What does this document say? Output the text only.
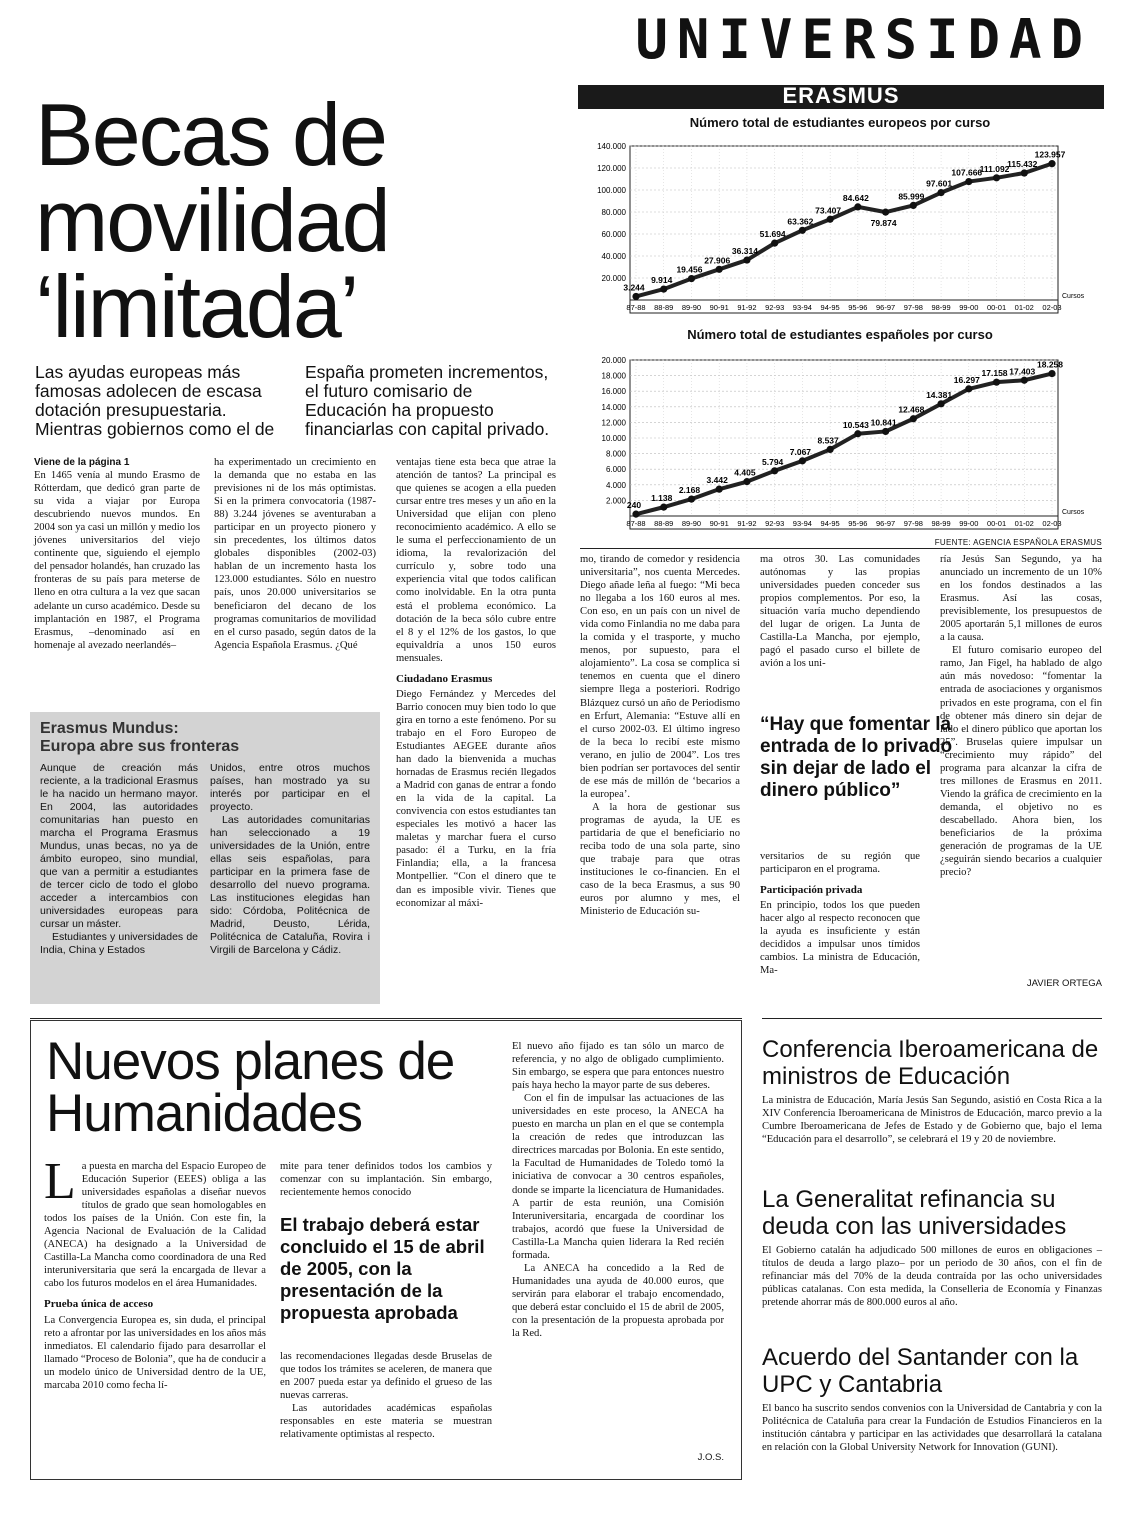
UNIVERSIDAD
ERASMUS
Número total de estudiantes europeos por curso
20.000
40.000
60.000
80.000
100.000
120.000
140.000
87-88 88-89 89-90 90-91 91-92 92-93 93-94 94-95 95-96 96-97 97-98 98-99 99-00 00-01 01-02 02-03
Cursos
3.244
9.914
19.456
27.906
36.314
51.694
63.362
73.407
84.642
79.874
85.999
97.601
107.666
111.092
115.432
123.957
Número total de estudiantes españoles por curso
2.000
4.000
6.000
8.000
10.000
12.000
14.000
16.000
18.000
20.000
87-88 88-89 89-90 90-91 91-92 92-93 93-94 94-95 95-96 96-97 97-98 98-99 99-00 00-01 01-02 02-03
Cursos
240
1.138
2.168
3.442
4.405
5.794
7.067
8.537
10.543 10.841
12.468
14.381
16.297
17.158 17.403
18.258
FUENTE: AGENCIA ESPAÑOLA ERASMUS
Becas de movilidad ‘limitada’
Las ayudas europeas más famosas adolecen de escasa dotación presupuestaria. Mientras gobiernos como el de España prometen incrementos, el futuro comisario de Educación ha propuesto financiarlas con capital privado.

Viene de la página 1

En 1465 venía al mundo Erasmo de Rótterdam, que dedicó gran parte de su vida a viajar por Europa descubriendo nuevos mundos. En 2004 son ya casi un millón y medio los jóvenes universitarios del viejo continente que, siguiendo el ejemplo del pensador holandés, han cruzado las fronteras de su país para meterse de lleno en otra cultura a la vez que sacan adelante un curso académico. Desde su implantación en 1987, el Programa Erasmus, –denominado así en homenaje al avezado neerlandés–

ha experimentado un crecimiento en la demanda que no estaba en las previsiones ni de los más optimistas. Si en la primera convocatoria (1987-88) 3.244 jóvenes se aventuraban a participar en un proyecto pionero y sin precedentes, los últimos datos globales disponibles (2002-03) hablan de un incremento hasta los 123.000 estudiantes. Sólo en nuestro país, unos 20.000 universitarios se beneficiaron del decano de los programas comunitarios de movilidad en el curso pasado, según datos de la Agencia Española Erasmus. ¿Qué

ventajas tiene esta beca que atrae la atención de tantos? La principal es que quienes se acogen a ella pueden cursar entre tres meses y un año en la Universidad que elijan con pleno reconocimiento académico. A ello se le suma el perfeccionamiento de un idioma, la revalorización del currículo y, sobre todo una experiencia vital que todos califican como inolvidable. En la otra punta está el problema económico. La dotación de la beca sólo cubre entre el 8 y el 12% de los gastos, lo que equivaldría a unos 150 euros mensuales.

Ciudadano Erasmus

Diego Fernández y Mercedes del Barrio conocen muy bien todo lo que gira en torno a este fenómeno. Por su trabajo en el Foro Europeo de Estudiantes AEGEE durante años han dado la bienvenida a muchas hornadas de Erasmus recién llegados a Madrid con ganas de entrar a fondo en la vida de la capital. La convivencia con estos estudiantes tan especiales les motivó a hacer las maletas y marchar fuera el curso pasado: él a Turku, en la fría Finlandia; ella, a la francesa Montpellier. “Con el dinero que te dan es imposible vivir. Tienes que economizar al máxi-

mo, tirando de comedor y residencia universitaria”, nos cuenta Mercedes. Diego añade leña al fuego: “Mi beca no llegaba a los 160 euros al mes. Con eso, en un país con un nivel de vida como Finlandia no me daba para la comida y el trasporte, y mucho menos, por supuesto, para el alojamiento”. La cosa se complica si tenemos en cuenta que el dinero siempre llega a posteriori. Rodrigo Blázquez cursó un año de Periodismo en Erfurt, Alemania: “Estuve allí en el curso 2002-03. El último ingreso de la beca lo recibí este mismo verano, en julio de 2004”. Los tres bien podrían ser portavoces del sentir de ese más de millón de ‘becarios a la europea’.

A la hora de gestionar sus programas de ayuda, la UE es partidaria de que el beneficiario no reciba todo de una sola parte, sino que trabaje para que otras instituciones le co-financien. En el caso de la beca Erasmus, a sus 90 euros por alumno y mes, el Ministerio de Educación su-

ma otros 30. Las comunidades autónomas y las propias universidades pueden conceder sus propios complementos. Por eso, la situación varía mucho dependiendo del lugar de origen. La Junta de Castilla-La Mancha, por ejemplo, pagó el pasado curso el billete de avión a los uni-

“Hay que fomentar la entrada de lo privado sin dejar de lado el dinero público”

versitarios de su región que participaron en el programa.

Participación privada

En principio, todos los que pueden hacer algo al respecto reconocen que la ayuda es insuficiente y están decididos a impulsar unos tímidos cambios. La ministra de Educación, Ma-

ría Jesús San Segundo, ya ha anunciado un incremento de un 10% en los fondos destinados a las Erasmus. Así las cosas, previsiblemente, los presupuestos de 2005 aportarán 5,1 millones de euros a la causa.

El futuro comisario europeo del ramo, Jan Figel, ha hablado de algo aún más novedoso: “fomentar la entrada de asociaciones y organismos privados en este programa, con el fin de obtener más dinero sin dejar de lado el dinero público que aportan los 25”. Bruselas quiere impulsar un “crecimiento muy rápido” del programa para alcanzar la cifra de tres millones de Erasmus en 2011. Viendo la gráfica de crecimiento en la demanda, el objetivo no es descabellado. Ahora bien, los beneficiarios de la próxima generación de programas de la UE ¿seguirán siendo becarios a cualquier precio?

JAVIER ORTEGA
Erasmus Mundus:
Europa abre sus fronteras
Aunque de creación más reciente, a la tradicional Erasmus le ha nacido un hermano mayor. En 2004, las autoridades comunitarias han puesto en marcha el Programa Erasmus Mundus, unas becas, no ya de ámbito europeo, sino mundial, que van a permitir a estudiantes de tercer ciclo de todo el globo acceder a intercambios con universidades europeas para cursar un máster.
Estudiantes y universidades de India, China y Estados
Unidos, entre otros muchos países, han mostrado ya su interés por participar en el proyecto.
Las autoridades comunitarias han seleccionado a 19 universidades de la Unión, entre ellas seis españolas, para participar en la primera fase de desarrollo del nuevo programa. Las instituciones elegidas han sido: Córdoba, Politécnica de Madrid, Deusto, Lérida, Politécnica de Cataluña, Rovira i Virgili de Barcelona y Cádiz.
Nuevos planes de Humanidades

La puesta en marcha del Espacio Europeo de Educación Superior (EEES) obliga a las universidades españolas a diseñar nuevos títulos de grado que sean homologables en todos los países de la Unión. Con este fin, la Agencia Nacional de Evaluación de la Calidad (ANECA) ha designado a la Universidad de Castilla-La Mancha como coordinadora de una Red interuniversitaria que será la encargada de llevar a cabo los futuros modelos en el área Humanidades.

Prueba única de acceso

La Convergencia Europea es, sin duda, el principal reto a afrontar por las universidades en los años más inmediatos. El calendario fijado para desarrollar el llamado “Proceso de Bolonia”, que ha de conducir a un modelo único de Universidad dentro de la UE, marcaba 2010 como fecha lí-

mite para tener definidos todos los cambios y comenzar con su implantación. Sin embargo, recientemente hemos conocido

El trabajo deberá estar concluido el 15 de abril de 2005, con la presentación de la propuesta aprobada

las recomendaciones llegadas desde Bruselas de que todos los trámites se aceleren, de manera que en 2007 pueda estar ya definido el grueso de las nuevas carreras.

Las autoridades académicas españolas responsables en este materia se muestran relativamente optimistas al respecto.

El nuevo año fijado es tan sólo un marco de referencia, y no algo de obligado cumplimiento. Sin embargo, se espera que para entonces nuestro país haya hecho la mayor parte de sus deberes.

Con el fin de impulsar las actuaciones de las universidades en este proceso, la ANECA ha puesto en marcha un plan en el que se contempla la creación de redes que introduzcan las directrices marcadas por Bolonia. En este sentido, la Facultad de Humanidades de Toledo tomó la iniciativa de convocar a 30 centros españoles, donde se imparte la licenciatura de Humanidades. A partir de esta reunión, una Comisión Interuniversitaria, encargada de coordinar los trabajos, acordó que fuese la Universidad de Castilla-La Mancha quien liderara la Red recién formada.

La ANECA ha concedido a la Red de Humanidades una ayuda de 40.000 euros, que servirán para elaborar el trabajo encomendado, que deberá estar concluido el 15 de abril de 2005, con la presentación de la propuesta aprobada por la Red.

J.O.S.
Conferencia Iberoamericana de ministros de Educación
La ministra de Educación, María Jesús San Segundo, asistió en Costa Rica a la XIV Conferencia Iberoamericana de Ministros de Educación, marco previo a la Cumbre Iberoamericana de Jefes de Estado y de Gobierno que, bajo el lema “Educación para el desarrollo”, se celebrará el 19 y 20 de noviembre.
La Generalitat refinancia su deuda con las universidades
El Gobierno catalán ha adjudicado 500 millones de euros en obligaciones –títulos de deuda a largo plazo– por un periodo de 30 años, con el fin de refinanciar más del 70% de la deuda contraída por las ocho universidades públicas catalanas. Con esta medida, la Conselleria de Economía y Finanzas pretende ahorrar más de 800.000 euros al año.
Acuerdo del Santander con la UPC y Cantabria
El banco ha suscrito sendos convenios con la Universidad de Cantabria y con la Politécnica de Cataluña para crear la Fundación de Estudios Financieros en la institución cántabra y participar en las actividades que desarrollará la catalana en relación con la Global University Network for Innovation (GUNI).
